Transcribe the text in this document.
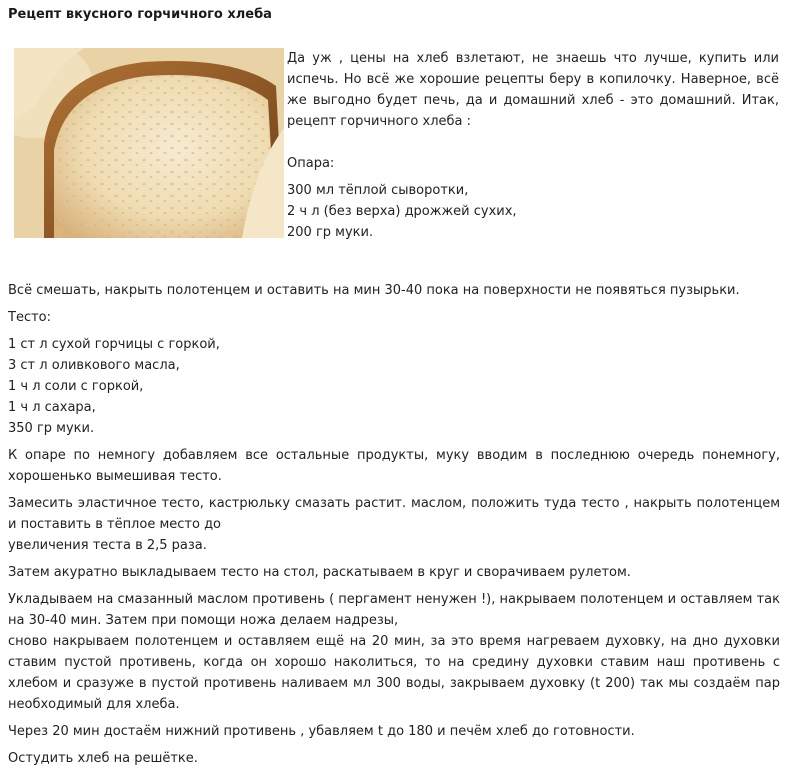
Рецепт вкусного горчичного хлеба

Да уж , цены на хлеб взлетают, не знаешь что лучше, купить или испечь. Но всё же хорошие рецепты беру в копилочку. Наверное, всё же выгодно будет печь, да и домашний хлеб - это домашний. Итак, рецепт горчичного хлеба :

Опара:

300 мл тёплой сыворотки,

2 ч л (без верха) дрожжей сухих,

200 гр муки.

Всё смешать, накрыть полотенцем и оставить на мин 30-40 пока на поверхности не появяться пузырьки.

Тесто:

1 ст л сухой горчицы с горкой,
3 ст л оливкового масла,
1 ч л соли с горкой,
1 ч л сахара,
350 гр муки.

К опаре по немногу добавляем все остальные продукты, муку вводим в последнюю очередь понемногу, хорошенько вымешивая тесто.

Замесить эластичное тесто, кастрюльку смазать растит. маслом, положить туда тесто , накрыть полотенцем и поставить в тёплое место до
увеличения теста в 2,5 раза.

Затем акуратно выкладываем тесто на стол, раскатываем в круг и сворачиваем рулетом.

Укладываем на смазанный маслом противень ( пергамент ненужен !), накрываем полотенцем и оставляем так на 30-40 мин. Затем при помощи ножа делаем надрезы,
сново накрываем полотенцем и оставляем ещё на 20 мин, за это время нагреваем духовку, на дно духовки ставим пустой противень, когда он хорошо наколиться, то на средину духовки ставим наш противень с хлебом и сразуже в пустой противень наливаем мл 300 воды, закрываем духовку (t 200) так мы создаём пар необходимый для хлеба.

Через 20 мин достаём нижний противень , убавляем t до 180 и печём хлеб до готовности.

Остудить хлеб на решётке.
